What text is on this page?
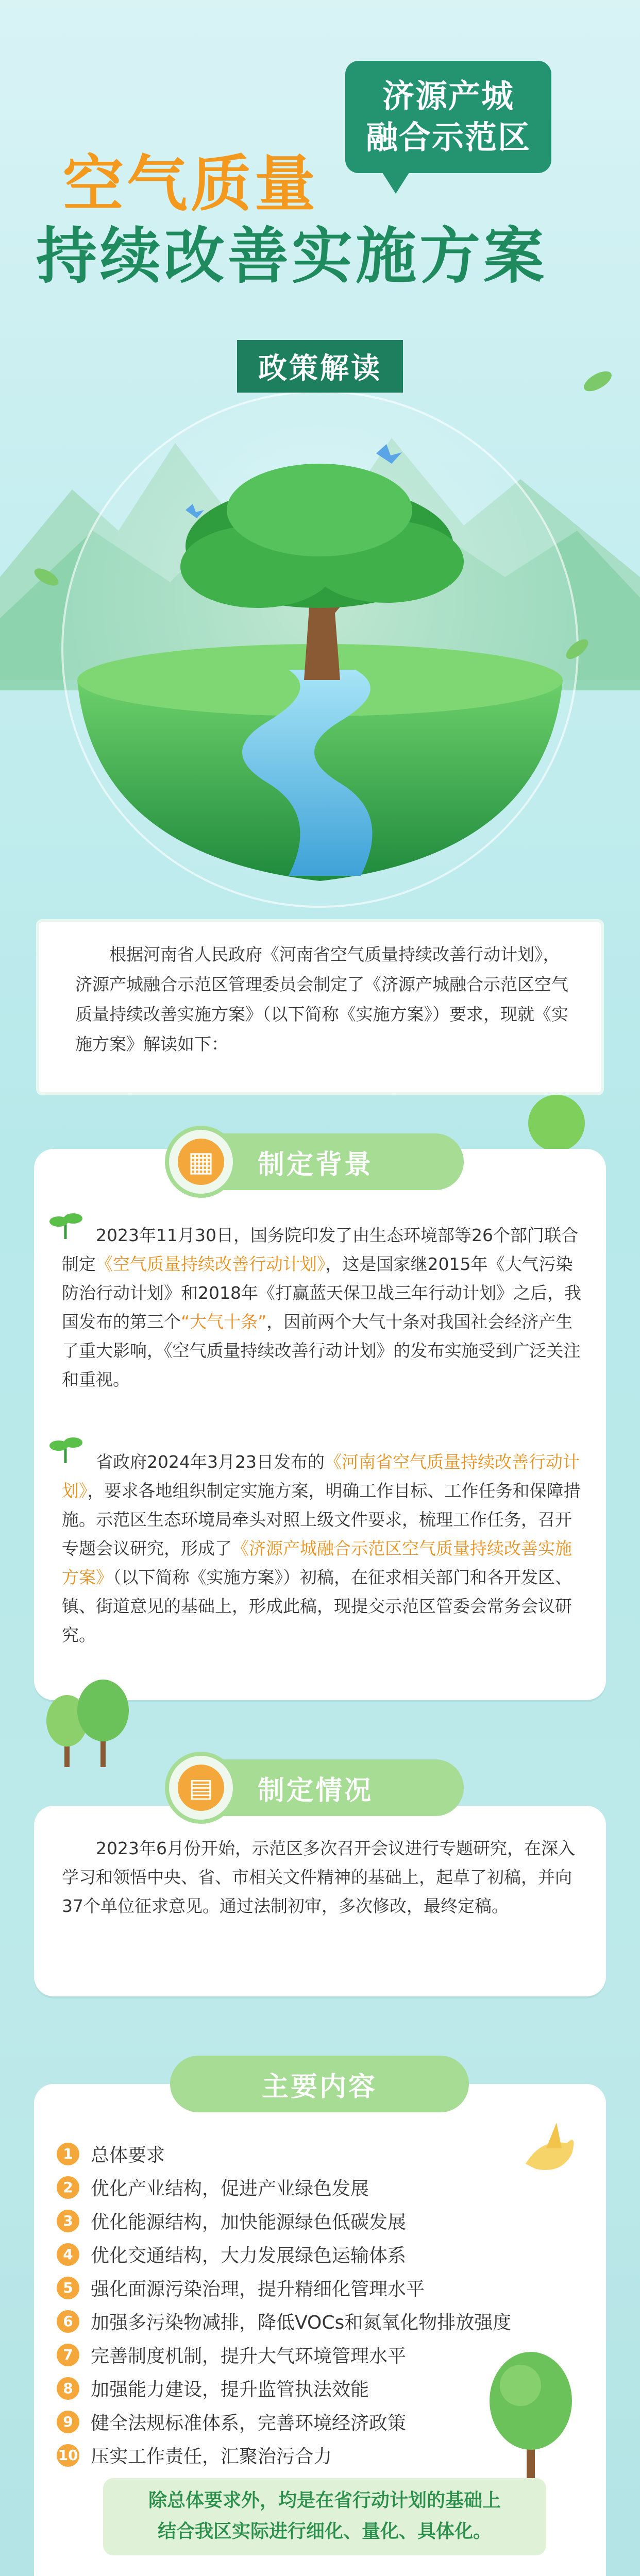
济源产城
融合示范区
空气质量
持续改善实施方案
政策解读
根据河南省人民政府《河南省空气质量持续改善行动计划》，济源产城融合示范区管理委员会制定了《济源产城融合示范区空气质量持续改善实施方案》（以下简称《实施方案》）要求，现就《实施方案》解读如下：
▦ 制定背景
2023年11月30日，国务院印发了由生态环境部等26个部门联合制定《空气质量持续改善行动计划》，这是国家继2015年《大气污染防治行动计划》和2018年《打赢蓝天保卫战三年行动计划》之后，我国发布的第三个“大气十条”，因前两个大气十条对我国社会经济产生了重大影响，《空气质量持续改善行动计划》的发布实施受到广泛关注和重视。
省政府2024年3月23日发布的《河南省空气质量持续改善行动计划》，要求各地组织制定实施方案，明确工作目标、工作任务和保障措施。示范区生态环境局牵头对照上级文件要求，梳理工作任务，召开专题会议研究，形成了《济源产城融合示范区空气质量持续改善实施方案》（以下简称《实施方案》）初稿，在征求相关部门和各开发区、镇、街道意见的基础上，形成此稿，现提交示范区管委会常务会议研究。
▤ 制定情况
2023年6月份开始，示范区多次召开会议进行专题研究，在深入学习和领悟中央、省、市相关文件精神的基础上，起草了初稿，并向37个单位征求意见。通过法制初审，多次修改，最终定稿。
主要内容
1 总体要求
2 优化产业结构，促进产业绿色发展
3 优化能源结构，加快能源绿色低碳发展
4 优化交通结构，大力发展绿色运输体系
5 强化面源污染治理，提升精细化管理水平
6 加强多污染物减排，降低VOCs和氮氧化物排放强度
7 完善制度机制，提升大气环境管理水平
8 加强能力建设，提升监管执法效能
9 健全法规标准体系，完善环境经济政策
10 压实工作责任，汇聚治污合力
除总体要求外，均是在省行动计划的基础上
结合我区实际进行细化、量化、具体化。
